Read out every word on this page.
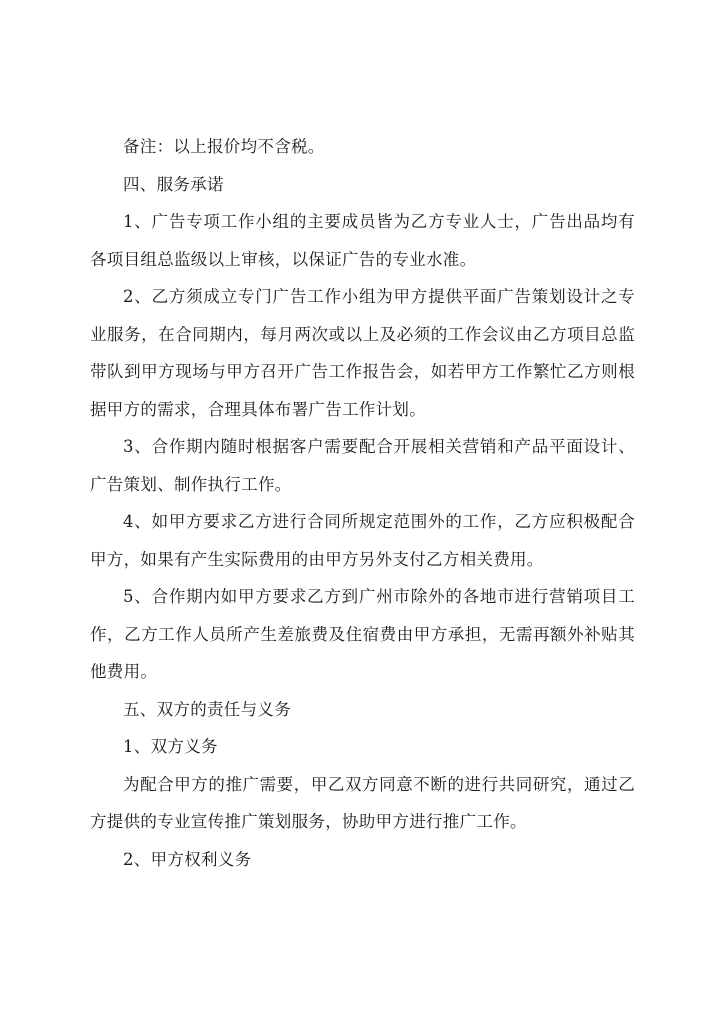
备注：以上报价均不含税。

四、服务承诺

1、广告专项工作小组的主要成员皆为乙方专业人士，广告出品均有各项目组总监级以上审核，以保证广告的专业水准。

2、乙方须成立专门广告工作小组为甲方提供平面广告策划设计之专业服务，在合同期内，每月两次或以上及必须的工作会议由乙方项目总监带队到甲方现场与甲方召开广告工作报告会，如若甲方工作繁忙乙方则根据甲方的需求，合理具体布署广告工作计划。

3、合作期内随时根据客户需要配合开展相关营销和产品平面设计、广告策划、制作执行工作。

4、如甲方要求乙方进行合同所规定范围外的工作，乙方应积极配合甲方，如果有产生实际费用的由甲方另外支付乙方相关费用。

5、合作期内如甲方要求乙方到广州市除外的各地市进行营销项目工作，乙方工作人员所产生差旅费及住宿费由甲方承担，无需再额外补贴其他费用。

五、双方的责任与义务

1、双方义务

为配合甲方的推广需要，甲乙双方同意不断的进行共同研究，通过乙方提供的专业宣传推广策划服务，协助甲方进行推广工作。

2、甲方权利义务
